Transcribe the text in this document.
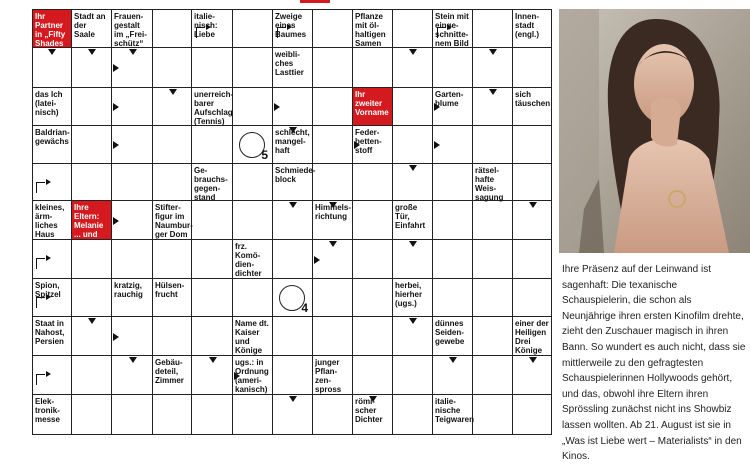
Ihr Partner in „Fifty Shades of Grey“: ... Dornan
Stadt an der Saale
Frauen-gestalt im „Frei-schütz“
italie-nisch: Liebe
Zweige eines Baumes
Pflanze mit öl-haltigen Samen
Stein mit einge-schnitte-nem Bild
Innen-stadt (engl.)
weibli-ches Lasttier
das Ich (latei-nisch)
unerreich-barer Aufschlag (Tennis)
Ihr zweiter Vorname
Garten-blume
sich täuschen
Baldrian-gewächs
schlecht, mangel-haft
Feder-betten-stoff
Ge-brauchs-gegen-stand
Schmiede-block
rätsel-hafte Weis-sagung
kleines, ärm-liches Haus
Ihre Eltern: Melanie ... und Don Johnson
Stifter-figur im Naumbur-ger Dom
Himmels-richtung
große Tür, Einfahrt
frz. Komö-dien-dichter
Spion, Spitzel
kratzig, rauchig
Hülsen-frucht
herbei, hierher (ugs.)
Staat in Nahost, Persien
Name dt. Kaiser und Könige
dünnes Seiden-gewebe
einer der Heiligen Drei Könige
Gebäu-deteil, Zimmer
ugs.: in Ordnung (ameri-kanisch)
junger Pflan-zen-spross
Elek-tronik-messe
römi-scher Dichter
italie-nische Teigwaren
5
4
Ihre Präsenz auf der Leinwand ist sagenhaft: Die texanische Schauspielerin, die schon als Neunjährige ihren ersten Kinofilm drehte, zieht den Zuschauer magisch in ihren Bann. So wundert es auch nicht, dass sie mittlerweile zu den gefragtesten Schauspielerinnen Hollywoods gehört, und das, obwohl ihre Eltern ihren Sprössling zunächst nicht ins Showbiz lassen wollten. Ab 21. August ist sie in „Was ist Liebe wert – Materialists“ in den Kinos.
